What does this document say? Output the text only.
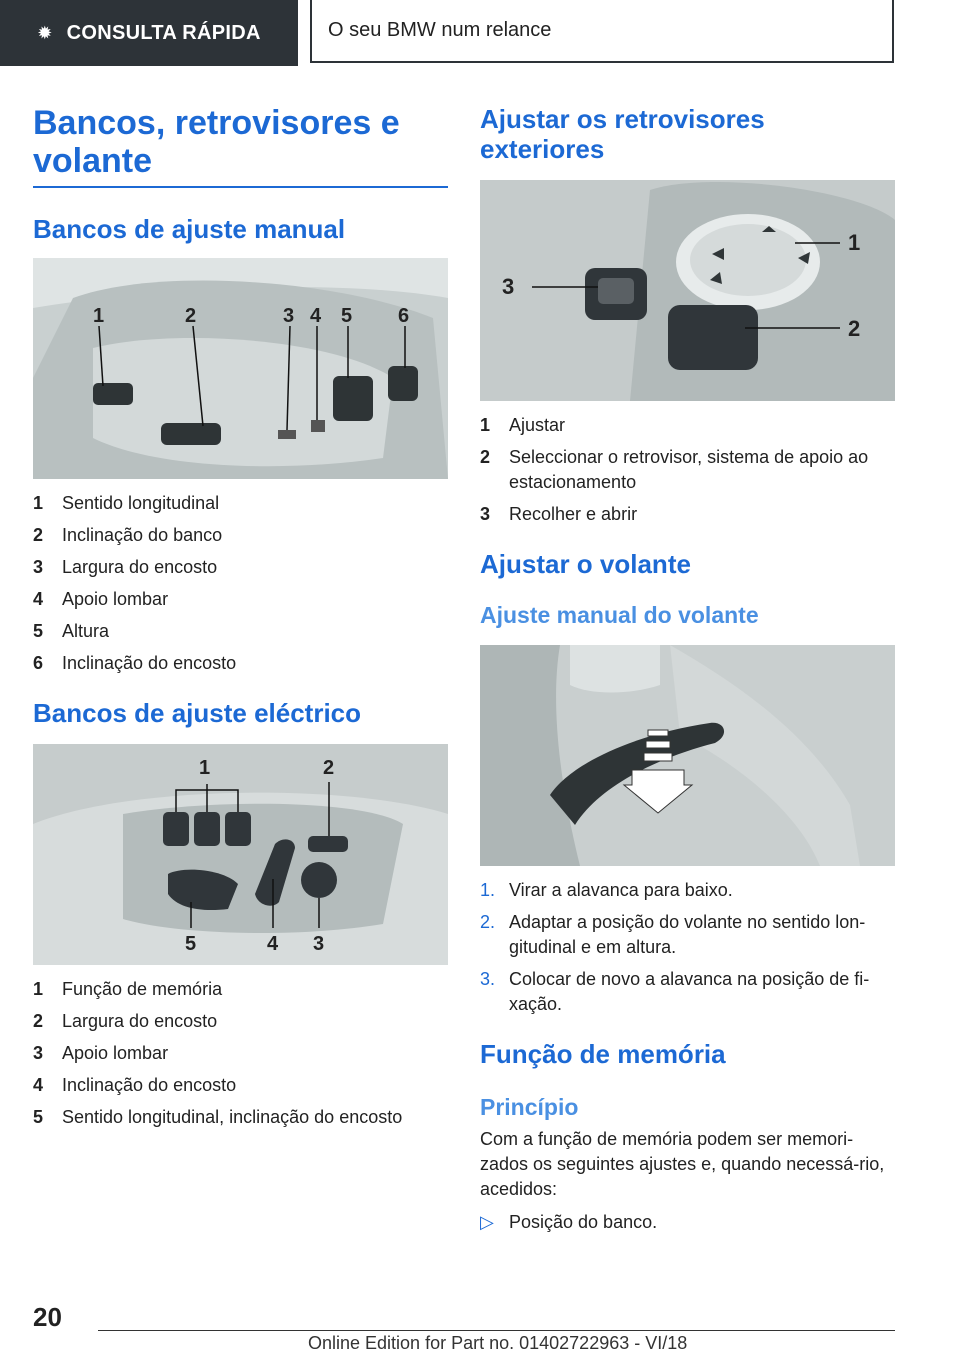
✹ CONSULTA RÁPIDA	O seu BMW num relance
Bancos, retrovisores e volante
Bancos de ajuste manual
1	2	3 4 5 6
1 Sentido longitudinal
2 Inclinação do banco
3 Largura do encosto
4 Apoio lombar
5 Altura
6 Inclinação do encosto
Bancos de ajuste eléctrico
1	2
3
4
5
1 Função de memória
2 Largura do encosto
3 Apoio lombar
4 Inclinação do encosto
5 Sentido longitudinal, inclinação do encosto
Ajustar os retrovisores exteriores
1
2
3
1 Ajustar
2 Seleccionar o retrovisor, sistema de apoio ao estacionamento
3 Recolher e abrir
Ajustar o volante
Ajuste manual do volante
1. Virar a alavanca para baixo.
2. Adaptar a posição do volante no sentido lon-gitudinal e em altura.
3. Colocar de novo a alavanca na posição de fi-xação.
Função de memória
Princípio

Com a função de memória podem ser memori-zados os seguintes ajustes e, quando necessá-rio, acedidos:

▷ Posição do banco.
20
Online Edition for Part no. 01402722963 - VI/18
